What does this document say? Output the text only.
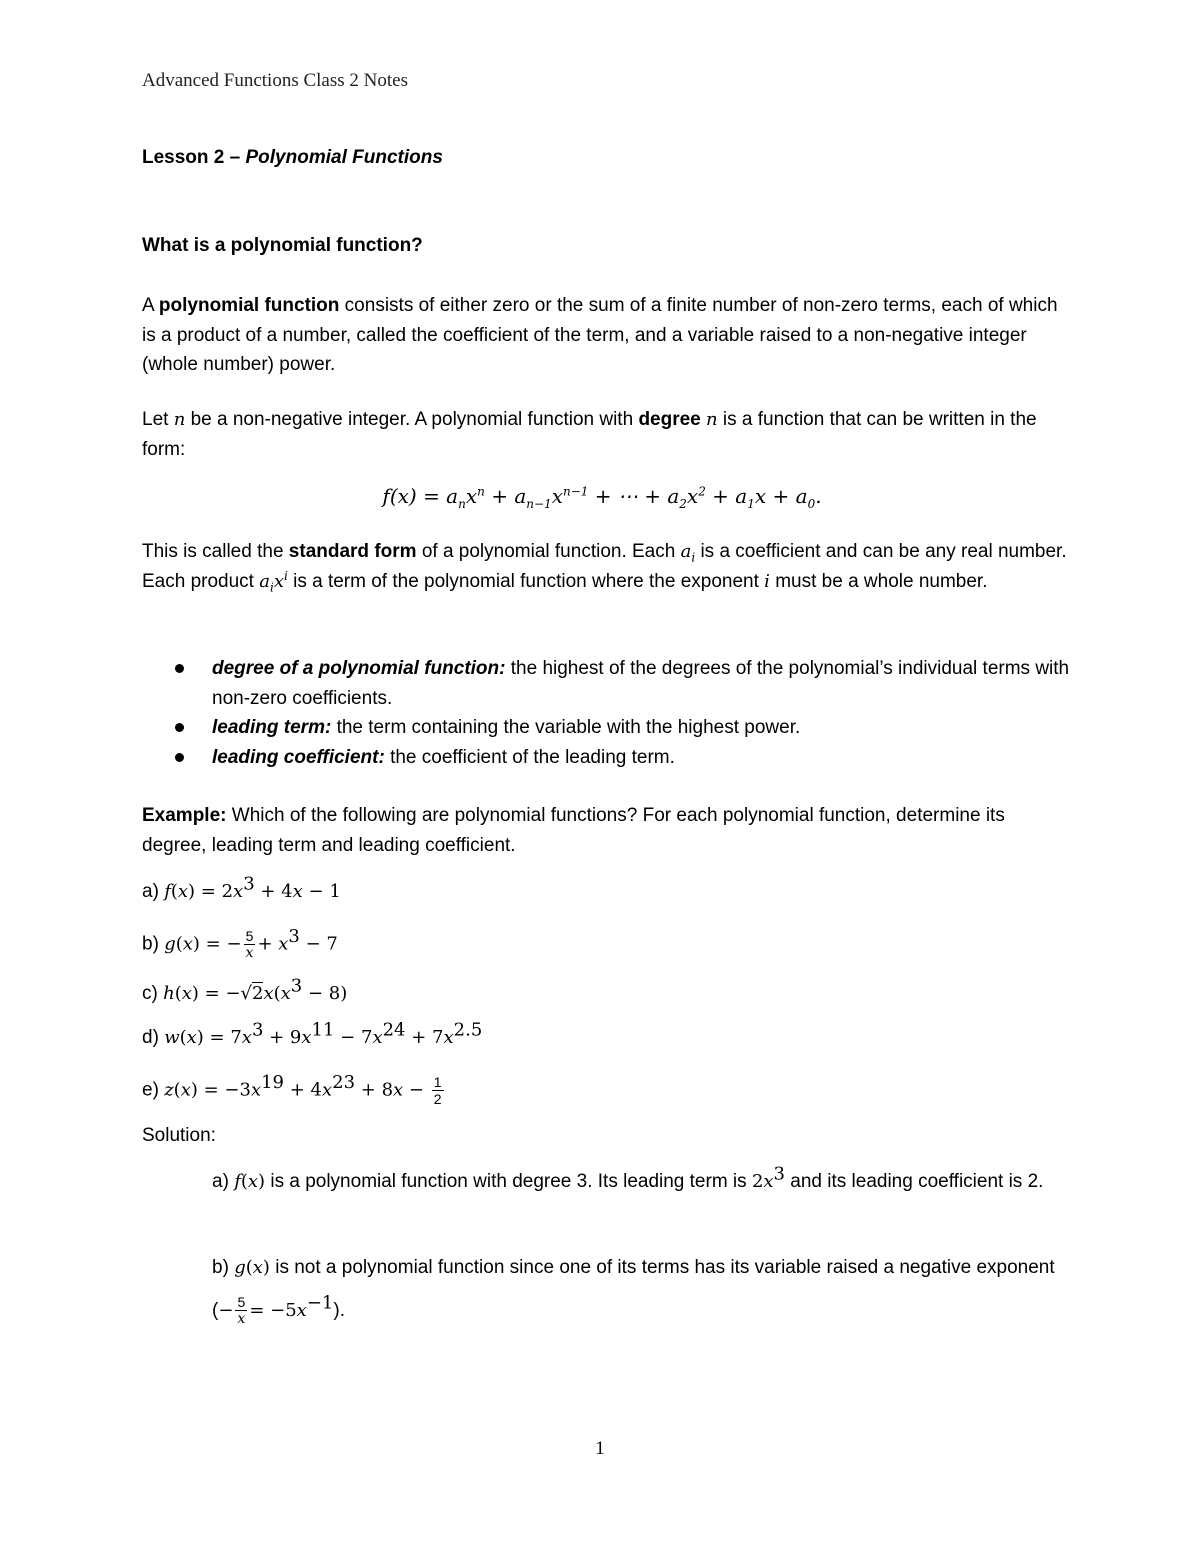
Advanced Functions Class 2 Notes
Lesson 2 – Polynomial Functions
What is a polynomial function?
A polynomial function consists of either zero or the sum of a finite number of non-zero terms, each of which is a product of a number, called the coefficient of the term, and a variable raised to a non-negative integer (whole number) power.
Let n be a non-negative integer. A polynomial function with degree n is a function that can be written in the form:
$f(x) = a_nx^n + a_{n-1}x^{n-1}$ + ⋯ + $a_2x^2 + a_1x + a_0$.
This is called the standard form of a polynomial function. Each $a_i$ is a coefficient and can be any real number. Each product $a_ix^i$ is a term of the polynomial function where the exponent i must be a whole number.
degree of a polynomial function: the highest of the degrees of the polynomial’s individual terms with non-zero coefficients.
leading term: the term containing the variable with the highest power.
leading coefficient: the coefficient of the leading term.
Example: Which of the following are polynomial functions? For each polynomial function, determine its degree, leading term and leading coefficient.
a) $f(x) = 2x^3 + 4x - 1$
b) g(x) = − $\frac{5}{x} + x^3 - 7$
c) $h(x) = -√2x(x^3 - 8)$
d) $w(x) = 7x^3 + 9x^{11} - 7x^{24} + 7x^{2.5}$
e) $z(x) = -3x^{19} + 4x^{23} + 8x - \frac{1}{2}$
Solution:
a) f(x) is a polynomial function with degree 3. Its leading term is $2x^3$ and its leading coefficient is 2.
b) g(x) is not a polynomial function since one of its terms has its variable raised a negative exponent (− $\frac{5}{x} = -5x^{-1}$).
1
